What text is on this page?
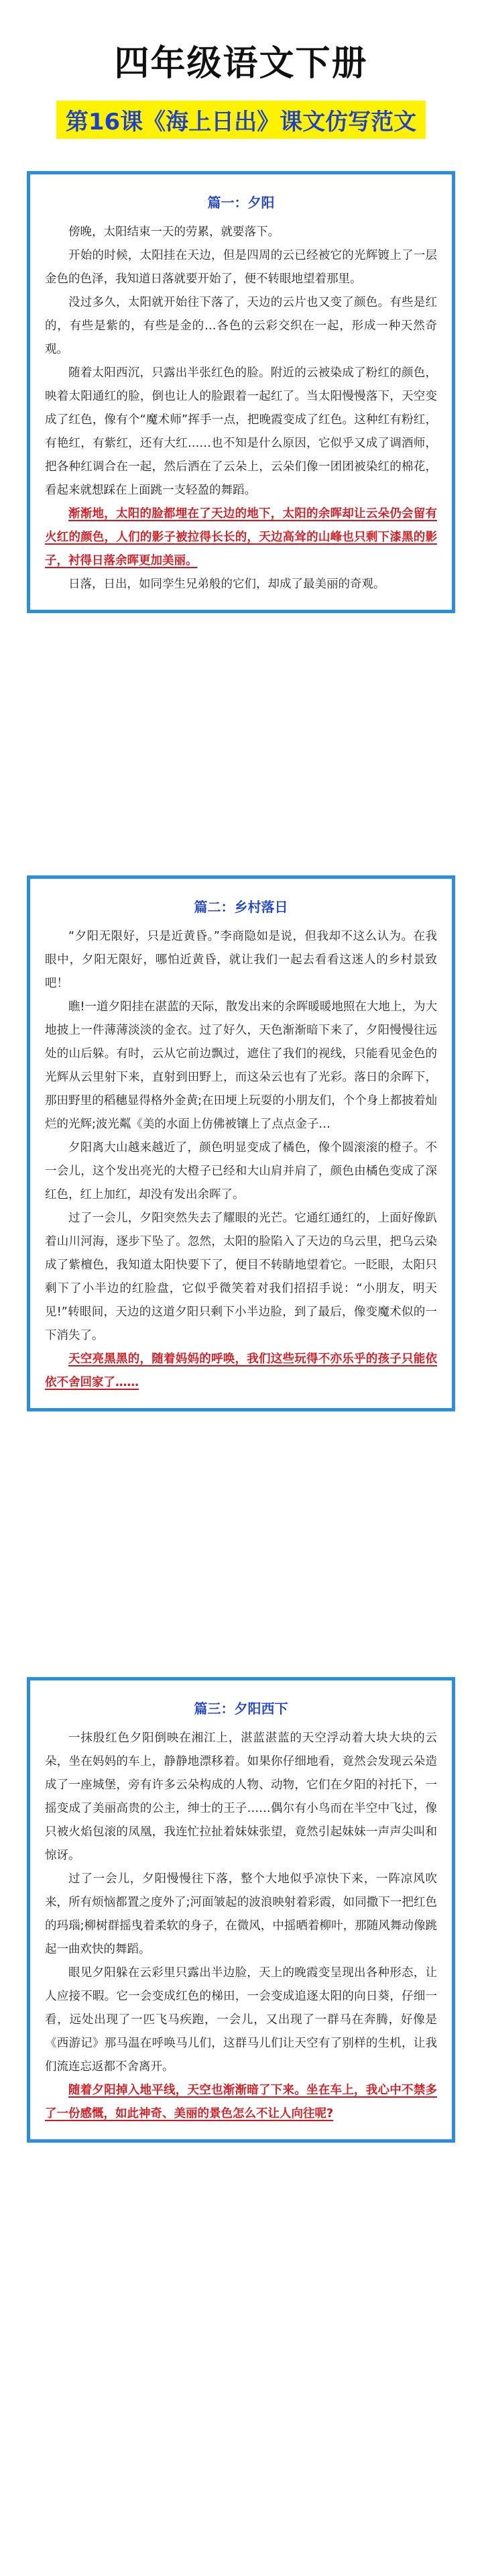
四年级语文下册
第16课《海上日出》课文仿写范文
篇一：夕阳

傍晚，太阳结束一天的劳累，就要落下。

开始的时候，太阳挂在天边，但是四周的云已经被它的光辉镀上了一层金色的色泽，我知道日落就要开始了，便不转眼地望着那里。

没过多久，太阳就开始往下落了，天边的云片也又变了颜色。有些是红的，有些是紫的，有些是金的…各色的云彩交织在一起，形成一种天然奇观。

随着太阳西沉，只露出半张红色的脸。附近的云被染成了粉红的颜色，映着太阳通红的脸，倒也让人的脸跟着一起红了。当太阳慢慢落下，天空变成了红色，像有个“魔术师”挥手一点，把晚霞变成了红色。这种红有粉红，有艳红，有紫红，还有大红……也不知是什么原因，它似乎又成了调酒师，把各种红调合在一起，然后洒在了云朵上，云朵们像一团团被染红的棉花，看起来就想踩在上面跳一支轻盈的舞蹈。

渐渐地，太阳的脸都埋在了天边的地下，太阳的余晖却让云朵仍会留有火红的颜色，人们的影子被拉得长长的，天边高耸的山峰也只剩下漆黑的影子，衬得日落余晖更加美丽。

日落，日出，如同孪生兄弟般的它们，却成了最美丽的奇观。

篇二：乡村落日

“夕阳无限好，只是近黄昏。”李商隐如是说，但我却不这么认为。在我眼中，夕阳无限好，哪怕近黄昏，就让我们一起去看看这迷人的乡村景致吧！

瞧!一道夕阳挂在湛蓝的天际，散发出来的余晖暖暖地照在大地上，为大地披上一件薄薄淡淡的金衣。过了好久，天色渐渐暗下来了，夕阳慢慢往远处的山后躲。有时，云从它前边飘过，遮住了我们的视线，只能看见金色的光辉从云里射下来，直射到田野上，而这朵云也有了光彩。落日的余晖下，那田野里的稻穗显得格外金黄;在田埂上玩耍的小朋友们，个个身上都披着灿烂的光辉;波光粼《美的水面上仿佛被镶上了点点金子…

夕阳离大山越来越近了，颜色明显变成了橘色，像个圆滚滚的橙子。不一会儿，这个发出亮光的大橙子已经和大山肩并肩了，颜色由橘色变成了深红色，红上加红，却没有发出余晖了。

过了一会儿，夕阳突然失去了耀眼的光芒。它通红通红的，上面好像趴着山川河海，逐步下坠了。忽然，太阳的脸陷入了天边的乌云里，把乌云染成了紫檀色，我知道太阳快要下了，便目不转睛地望着它。一眨眼，太阳只剩下了小半边的红脸盘，它似乎微笑着对我们招招手说：“小朋友，明天见!”转眼间，天边的这道夕阳只剩下小半边脸，到了最后，像变魔术似的一下消失了。

天空亮黑黑的，随着妈妈的呼唤，我们这些玩得不亦乐乎的孩子只能依依不舍回家了……

篇三：夕阳西下

一抹殷红色夕阳倒映在湘江上，湛蓝湛蓝的天空浮动着大块大块的云朵，坐在妈妈的车上，静静地漂移着。如果你仔细地看，竟然会发现云朵造成了一座城堡，旁有许多云朵构成的人物、动物，它们在夕阳的衬托下，一摇变成了美丽高贵的公主，绅士的王子……偶尔有小鸟而在半空中飞过，像只被火焰包滚的凤凰，我连忙拉扯着妹妹张望，竟然引起妹妹一声声尖叫和惊讶。

过了一会儿，夕阳慢慢往下落，整个大地似乎凉快下来，一阵凉风吹来，所有烦恼都置之度外了;河面皱起的波浪映射着彩霞，如同撒下一把红色的玛瑙;柳树群摇曳着柔软的身子，在微风，中摇晒着柳叶，那随风舞动像跳起一曲欢快的舞蹈。

眼见夕阳躲在云彩里只露出半边脸，天上的晚霞变呈现出各种形态，让人应接不暇。它一会变成红色的梯田，一会变成追逐太阳的向日葵，仔细一看，远处出现了一匹飞马疾跑，一会儿，又出现了一群马在奔腾，好像是《西游记》那马温在呼唤马儿们，这群马儿们让天空有了别样的生机，让我们流连忘返都不舍离开。

随着夕阳掉入地平线，天空也渐渐暗了下来。坐在车上，我心中不禁多了一份感慨，如此神奇、美丽的景色怎么不让人向往呢?
